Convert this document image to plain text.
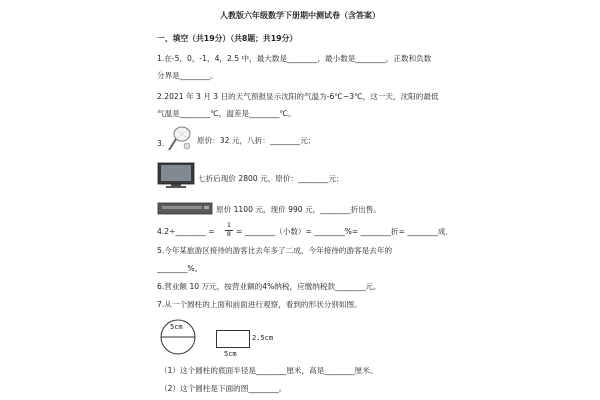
人教版六年级数学下册期中测试卷（含答案）
一、填空（共19分）（共8题；共19分）
1.在-5，0，-1，4，2.5 中，最大数是________，最小数是________，正数和负数
分界是________。
2.2021 年 3 月 3 日的天气预报显示沈阳的气温为-6℃~3℃，这一天，沈阳的最低
气温是________℃，温差是________℃。
3.	原价：32 元，八折：________元；
七折后现价 2800 元，原价：________元；
原价 1100 元，现价 990 元，________折出售。
4.2÷________ =
1
8 = ________（小数）= ________%= ________折= ________成．
5.今年某旅游区接待的游客比去年多了二成，今年接待的游客是去年的
________%。
6.营业额 10 万元，按营业额的4%纳税，应缴纳税款________元。
7.从一个圆柱的上面和前面进行观察，看到的形状分别如图。
5cm
2.5cm
5cm
（1）这个圆柱的底面半径是________厘米，高是________厘米。
（2）这个圆柱是下面的图________。
